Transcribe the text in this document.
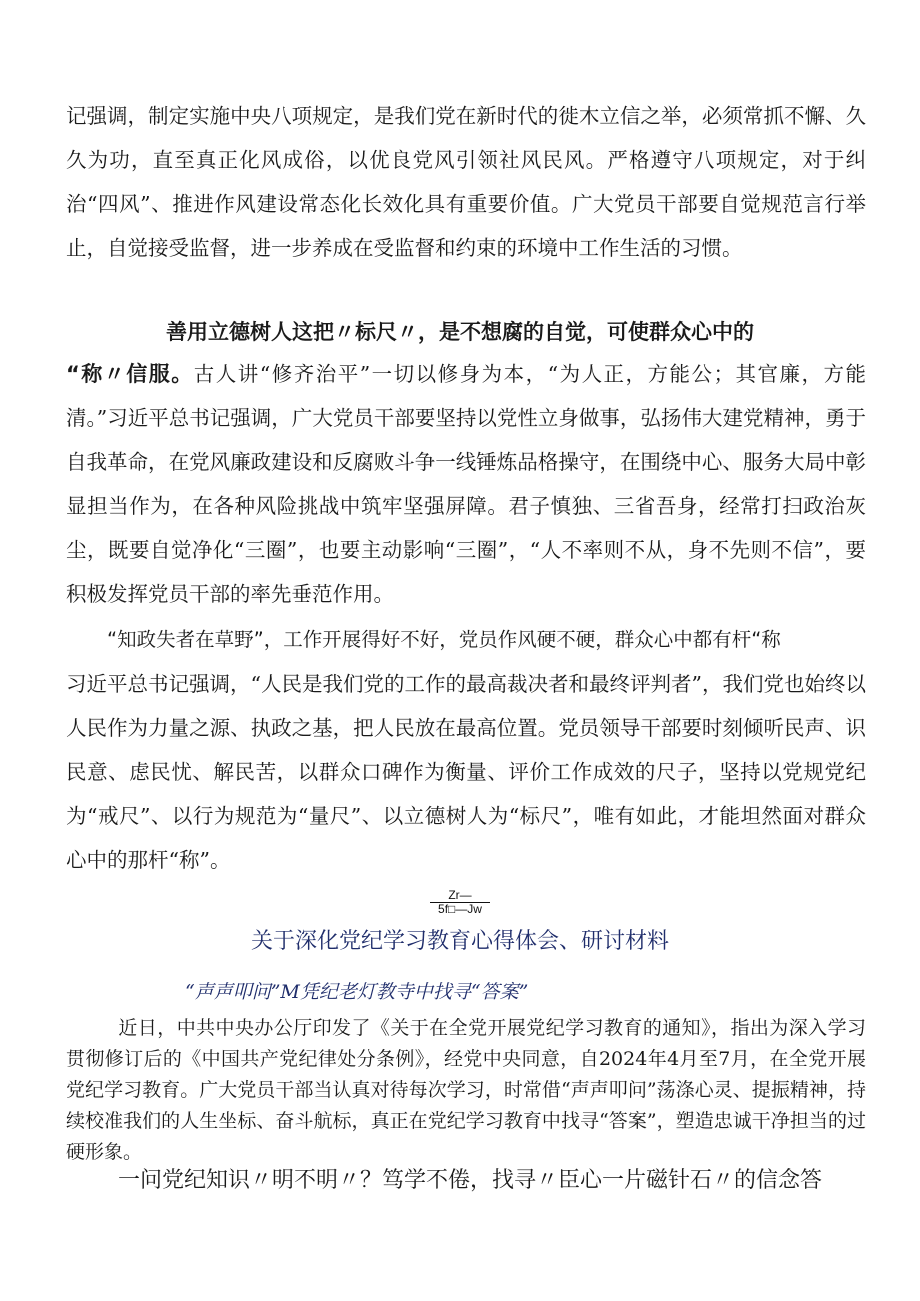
记强调，制定实施中央八项规定，是我们党在新时代的徙木立信之举，必须常抓不懈、久久为功，直至真正化风成俗，以优良党风引领社风民风。严格遵守八项规定，对于纠治“四风”、推进作风建设常态化长效化具有重要价值。广大党员干部要自觉规范言行举止，自觉接受监督，进一步养成在受监督和约束的环境中工作生活的习惯。

善用立德树人这把〃标尺〃，是不想腐的自觉，可使群众心中的

“称〃信服。古人讲“修齐治平”一切以修身为本，“为人正，方能公；其官廉，方能清。”习近平总书记强调，广大党员干部要坚持以党性立身做事，弘扬伟大建党精神，勇于自我革命，在党风廉政建设和反腐败斗争一线锤炼品格操守，在围绕中心、服务大局中彰显担当作为，在各种风险挑战中筑牢坚强屏障。君子慎独、三省吾身，经常打扫政治灰尘，既要自觉净化“三圈”，也要主动影响“三圈”，“人不率则不从，身不先则不信”，要积极发挥党员干部的率先垂范作用。

“知政失者在草野”，工作开展得好不好，党员作风硬不硬，群众心中都有杆“称
习近平总书记强调，“人民是我们党的工作的最高裁决者和最终评判者”，我们党也始终以人民作为力量之源、执政之基，把人民放在最高位置。党员领导干部要时刻倾听民声、识民意、虑民忧、解民苦，以群众口碑作为衡量、评价工作成效的尺子，坚持以党规党纪为“戒尺”、以行为规范为“量尺”、以立德树人为“标尺”，唯有如此，才能坦然面对群众心中的那杆“称”。

Zr—
5f□—Jw

关于深化党纪学习教育心得体会、研讨材料

“声声叩问”M凭纪老灯教寺中找寻“答案”

近日，中共中央办公厅印发了《关于在全党开展党纪学习教育的通知》，指出为深入学习贯彻修订后的《中国共产党纪律处分条例》，经党中央同意，自2024年4月至7月，在全党开展党纪学习教育。广大党员干部当认真对待每次学习，时常借“声声叩问”荡涤心灵、提振精神，持续校准我们的人生坐标、奋斗航标，真正在党纪学习教育中找寻“答案”，塑造忠诚干净担当的过硬形象。

一问党纪知识〃明不明〃？笃学不倦，找寻〃臣心一片磁针石〃的信念答
